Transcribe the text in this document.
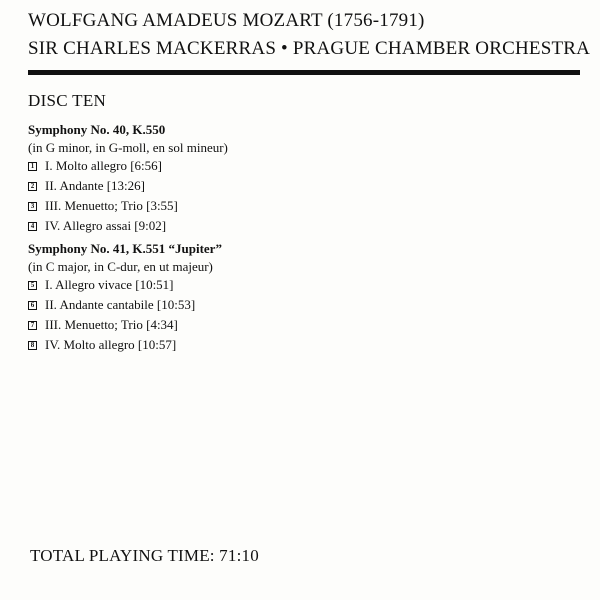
WOLFGANG AMADEUS MOZART (1756-1791)
SIR CHARLES MACKERRAS • PRAGUE CHAMBER ORCHESTRA
DISC TEN
Symphony No. 40, K.550
(in G minor, in G-moll, en sol mineur)
1 I. Molto allegro [6:56]
2 II. Andante [13:26]
3 III. Menuetto; Trio [3:55]
4 IV. Allegro assai [9:02]
Symphony No. 41, K.551 “Jupiter”
(in C major, in C-dur, en ut majeur)
5 I. Allegro vivace [10:51]
6 II. Andante cantabile [10:53]
7 III. Menuetto; Trio [4:34]
8 IV. Molto allegro [10:57]
TOTAL PLAYING TIME: 71:10
